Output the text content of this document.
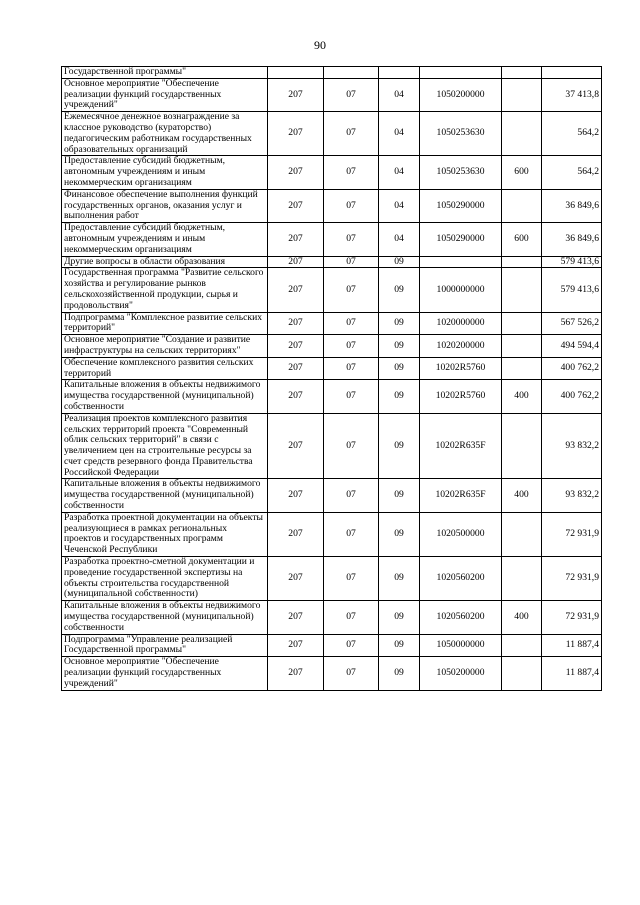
90
Государственной программы"						
Основное мероприятие "Обеспечение реализации функций государственных учреждений"	207	07	04	1050200000		37 413,8
Ежемесячное денежное вознаграждение за классное руководство (кураторство) педагогическим работникам государственных образовательных организаций	207	07	04	1050253630		564,2
Предоставление субсидий бюджетным, автономным учреждениям и иным некоммерческим организациям	207	07	04	1050253630	600	564,2
Финансовое обеспечение выполнения функций государственных органов, оказания услуг и выполнения работ	207	07	04	1050290000		36 849,6
Предоставление субсидий бюджетным, автономным учреждениям и иным некоммерческим организациям	207	07	04	1050290000	600	36 849,6
Другие вопросы в области образования	207	07	09			579 413,6
Государственная программа "Развитие сельского хозяйства и регулирование рынков сельскохозяйственной продукции, сырья и продовольствия"	207	07	09	1000000000		579 413,6
Подпрограмма "Комплексное развитие сельских территорий"	207	07	09	1020000000		567 526,2
Основное мероприятие "Создание и развитие инфраструктуры на сельских территориях"	207	07	09	1020200000		494 594,4
Обеспечение комплексного развития сельских территорий	207	07	09	10202R5760		400 762,2
Капитальные вложения в объекты недвижимого имущества государственной (муниципальной) собственности	207	07	09	10202R5760	400	400 762,2
Реализация проектов комплексного развития сельских территорий проекта "Современный облик сельских территорий" в связи с увеличением цен на строительные ресурсы за счет средств резервного фонда Правительства Российской Федерации	207	07	09	10202R635F		93 832,2
Капитальные вложения в объекты недвижимого имущества государственной (муниципальной) собственности	207	07	09	10202R635F	400	93 832,2
Разработка проектной документации на объекты реализующиеся в рамках региональных проектов и государственных программ Чеченской Республики	207	07	09	1020500000		72 931,9
Разработка проектно-сметной документации и проведение государственной экспертизы на объекты строительства государственной (муниципальной собственности)	207	07	09	1020560200		72 931,9
Капитальные вложения в объекты недвижимого имущества государственной (муниципальной) собственности	207	07	09	1020560200	400	72 931,9
Подпрограмма "Управление реализацией Государственной программы"	207	07	09	1050000000		11 887,4
Основное мероприятие "Обеспечение реализации функций государственных учреждений"	207	07	09	1050200000		11 887,4
